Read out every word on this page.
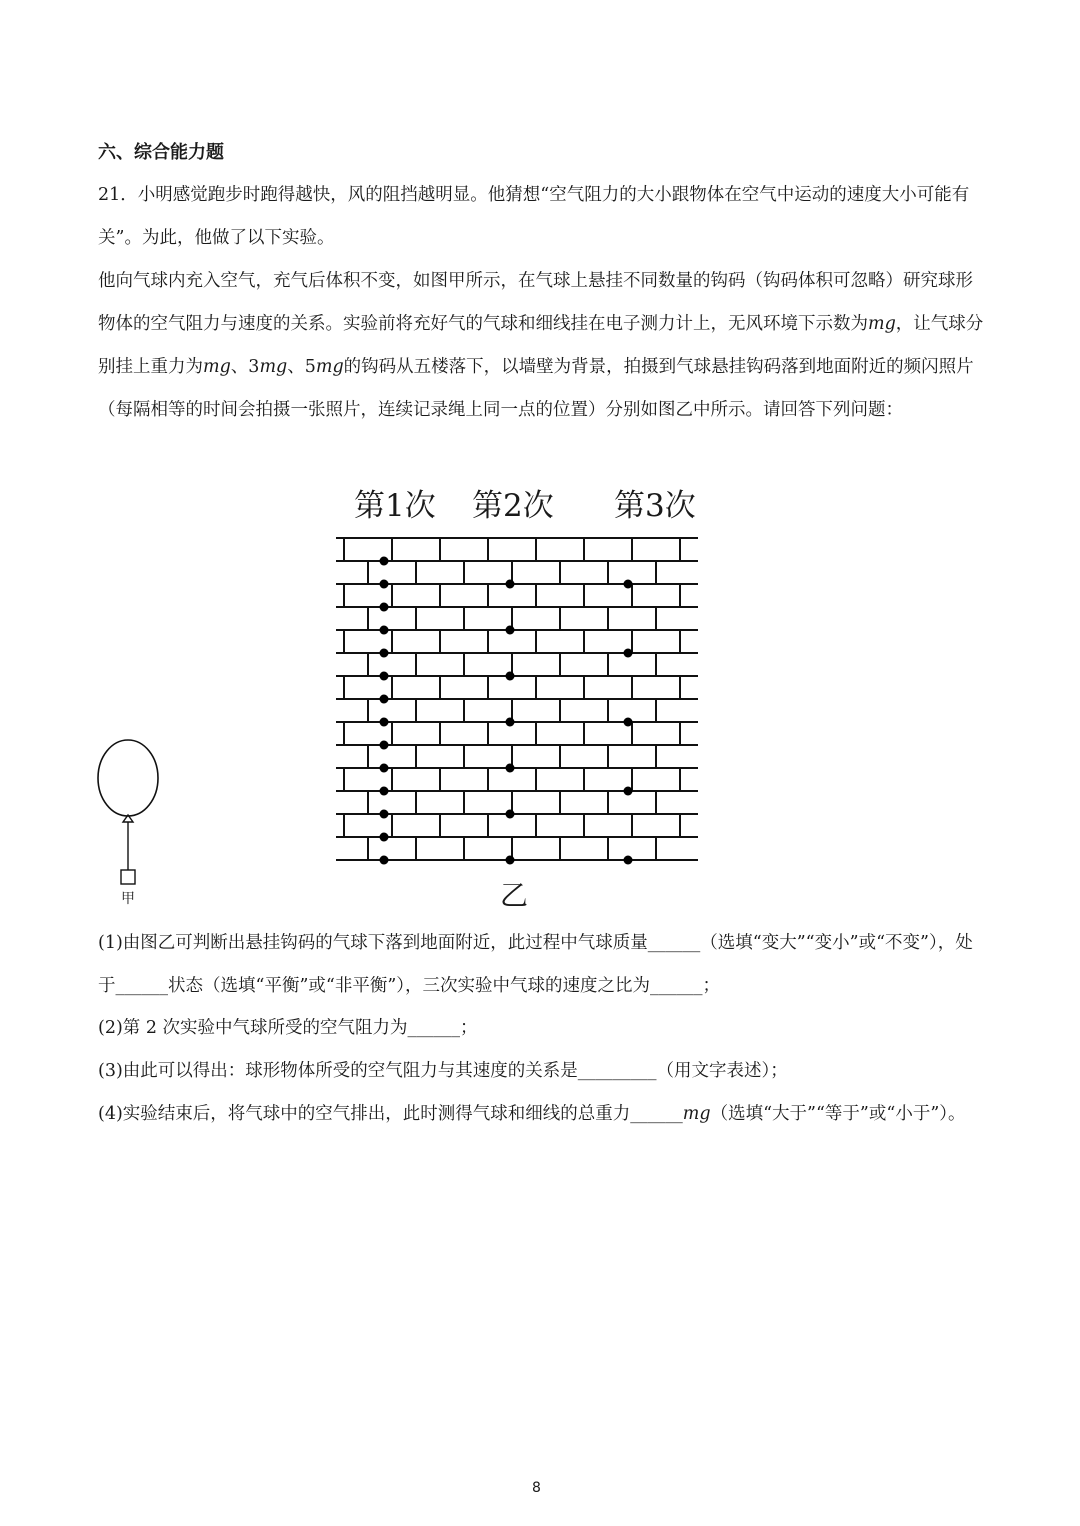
六、综合能力题
21．小明感觉跑步时跑得越快，风的阻挡越明显。他猜想“空气阻力的大小跟物体在空气中运动的速度大小可能有关”。为此，他做了以下实验。
他向气球内充入空气，充气后体积不变，如图甲所示，在气球上悬挂不同数量的钩码（钩码体积可忽略）研究球形物体的空气阻力与速度的关系。实验前将充好气的气球和细线挂在电子测力计上，无风环境下示数为mg，让气球分别挂上重力为mg、3mg、5mg的钩码从五楼落下，以墙壁为背景，拍摄到气球悬挂钩码落到地面附近的频闪照片（每隔相等的时间会拍摄一张照片，连续记录绳上同一点的位置）分别如图乙中所示。请回答下列问题：
第1次 第2次 第3次
甲	乙
(1)由图乙可判断出悬挂钩码的气球下落到地面附近，此过程中气球质量______（选填“变大”“变小”或“不变”），处于______状态（选填“平衡”或“非平衡”），三次实验中气球的速度之比为______；
(2)第 2 次实验中气球所受的空气阻力为______；
(3)由此可以得出：球形物体所受的空气阻力与其速度的关系是_________（用文字表述）；
(4)实验结束后，将气球中的空气排出，此时测得气球和细线的总重力______mg（选填“大于”“等于”或“小于”）。
8
